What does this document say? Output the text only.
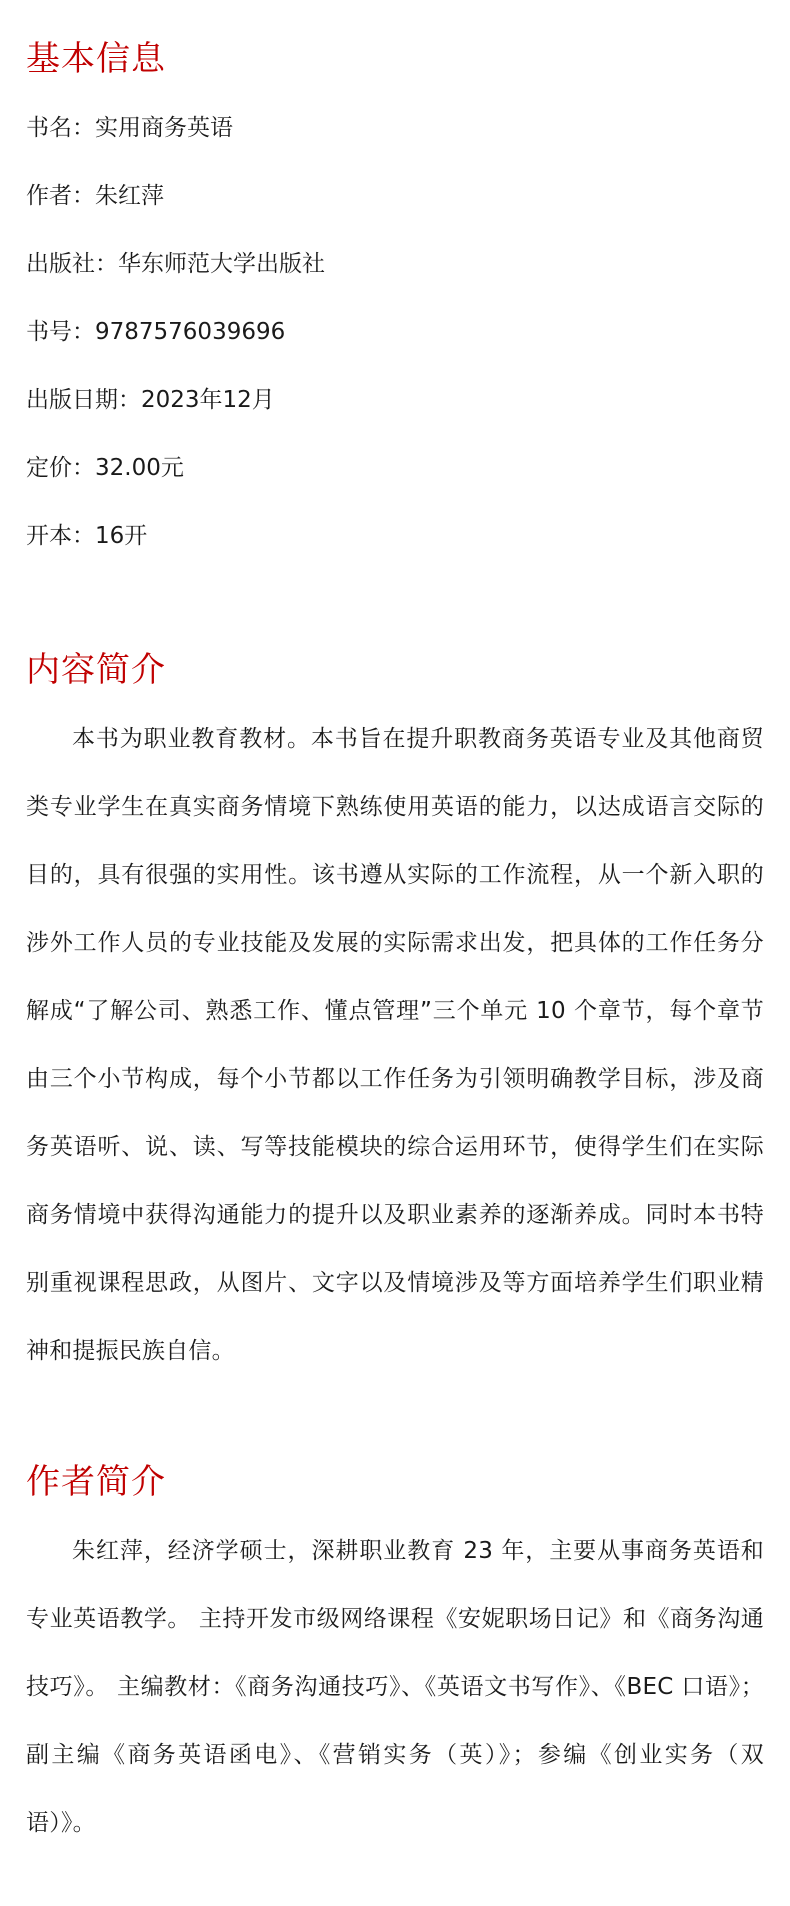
基本信息

书名 ：	实用商务英语

作者 ：	朱红萍

出版社 ：	华东师范大学出版社

书号 ：	9787576039696

出版日期 ：	2023年12月

定价 ：	32.00元

开本 ：	16开

内容简介

本书为职业教育教材。本书旨在提升职教商务英语专业及其他商贸类专业学生在真实商务情境下熟练使用英语的能力，以达成语言交际的目的，具有很强的实用性。该书遵从实际的工作流程，从一个新入职的涉外工作人员的专业技能及发展的实际需求出发，把具体的工作任务分解成“了解公司、熟悉工作、懂点管理”三个单元 10 个章节，每个章节由三个小节构成，每个小节都以工作任务为引领明确教学目标，涉及商务英语听、说、读、写等技能模块的综合运用环节，使得学生们在实际商务情境中获得沟通能力的提升以及职业素养的逐渐养成。同时本书特别重视课程思政，从图片、文字以及情境涉及等方面培养学生们职业精神和提振民族自信。

作者简介

朱红萍，经济学硕士，深耕职业教育 23 年，主要从事商务英语和专业英语教学。 主持开发市级网络课程《安妮职场日记》和《商务沟通技巧》。 主编教材：《商务沟通技巧》、《英语文书写作》、《BEC 口语》；副主编《商务英语函电》、《营销实务（英）》；参编《创业实务（双语）》。
